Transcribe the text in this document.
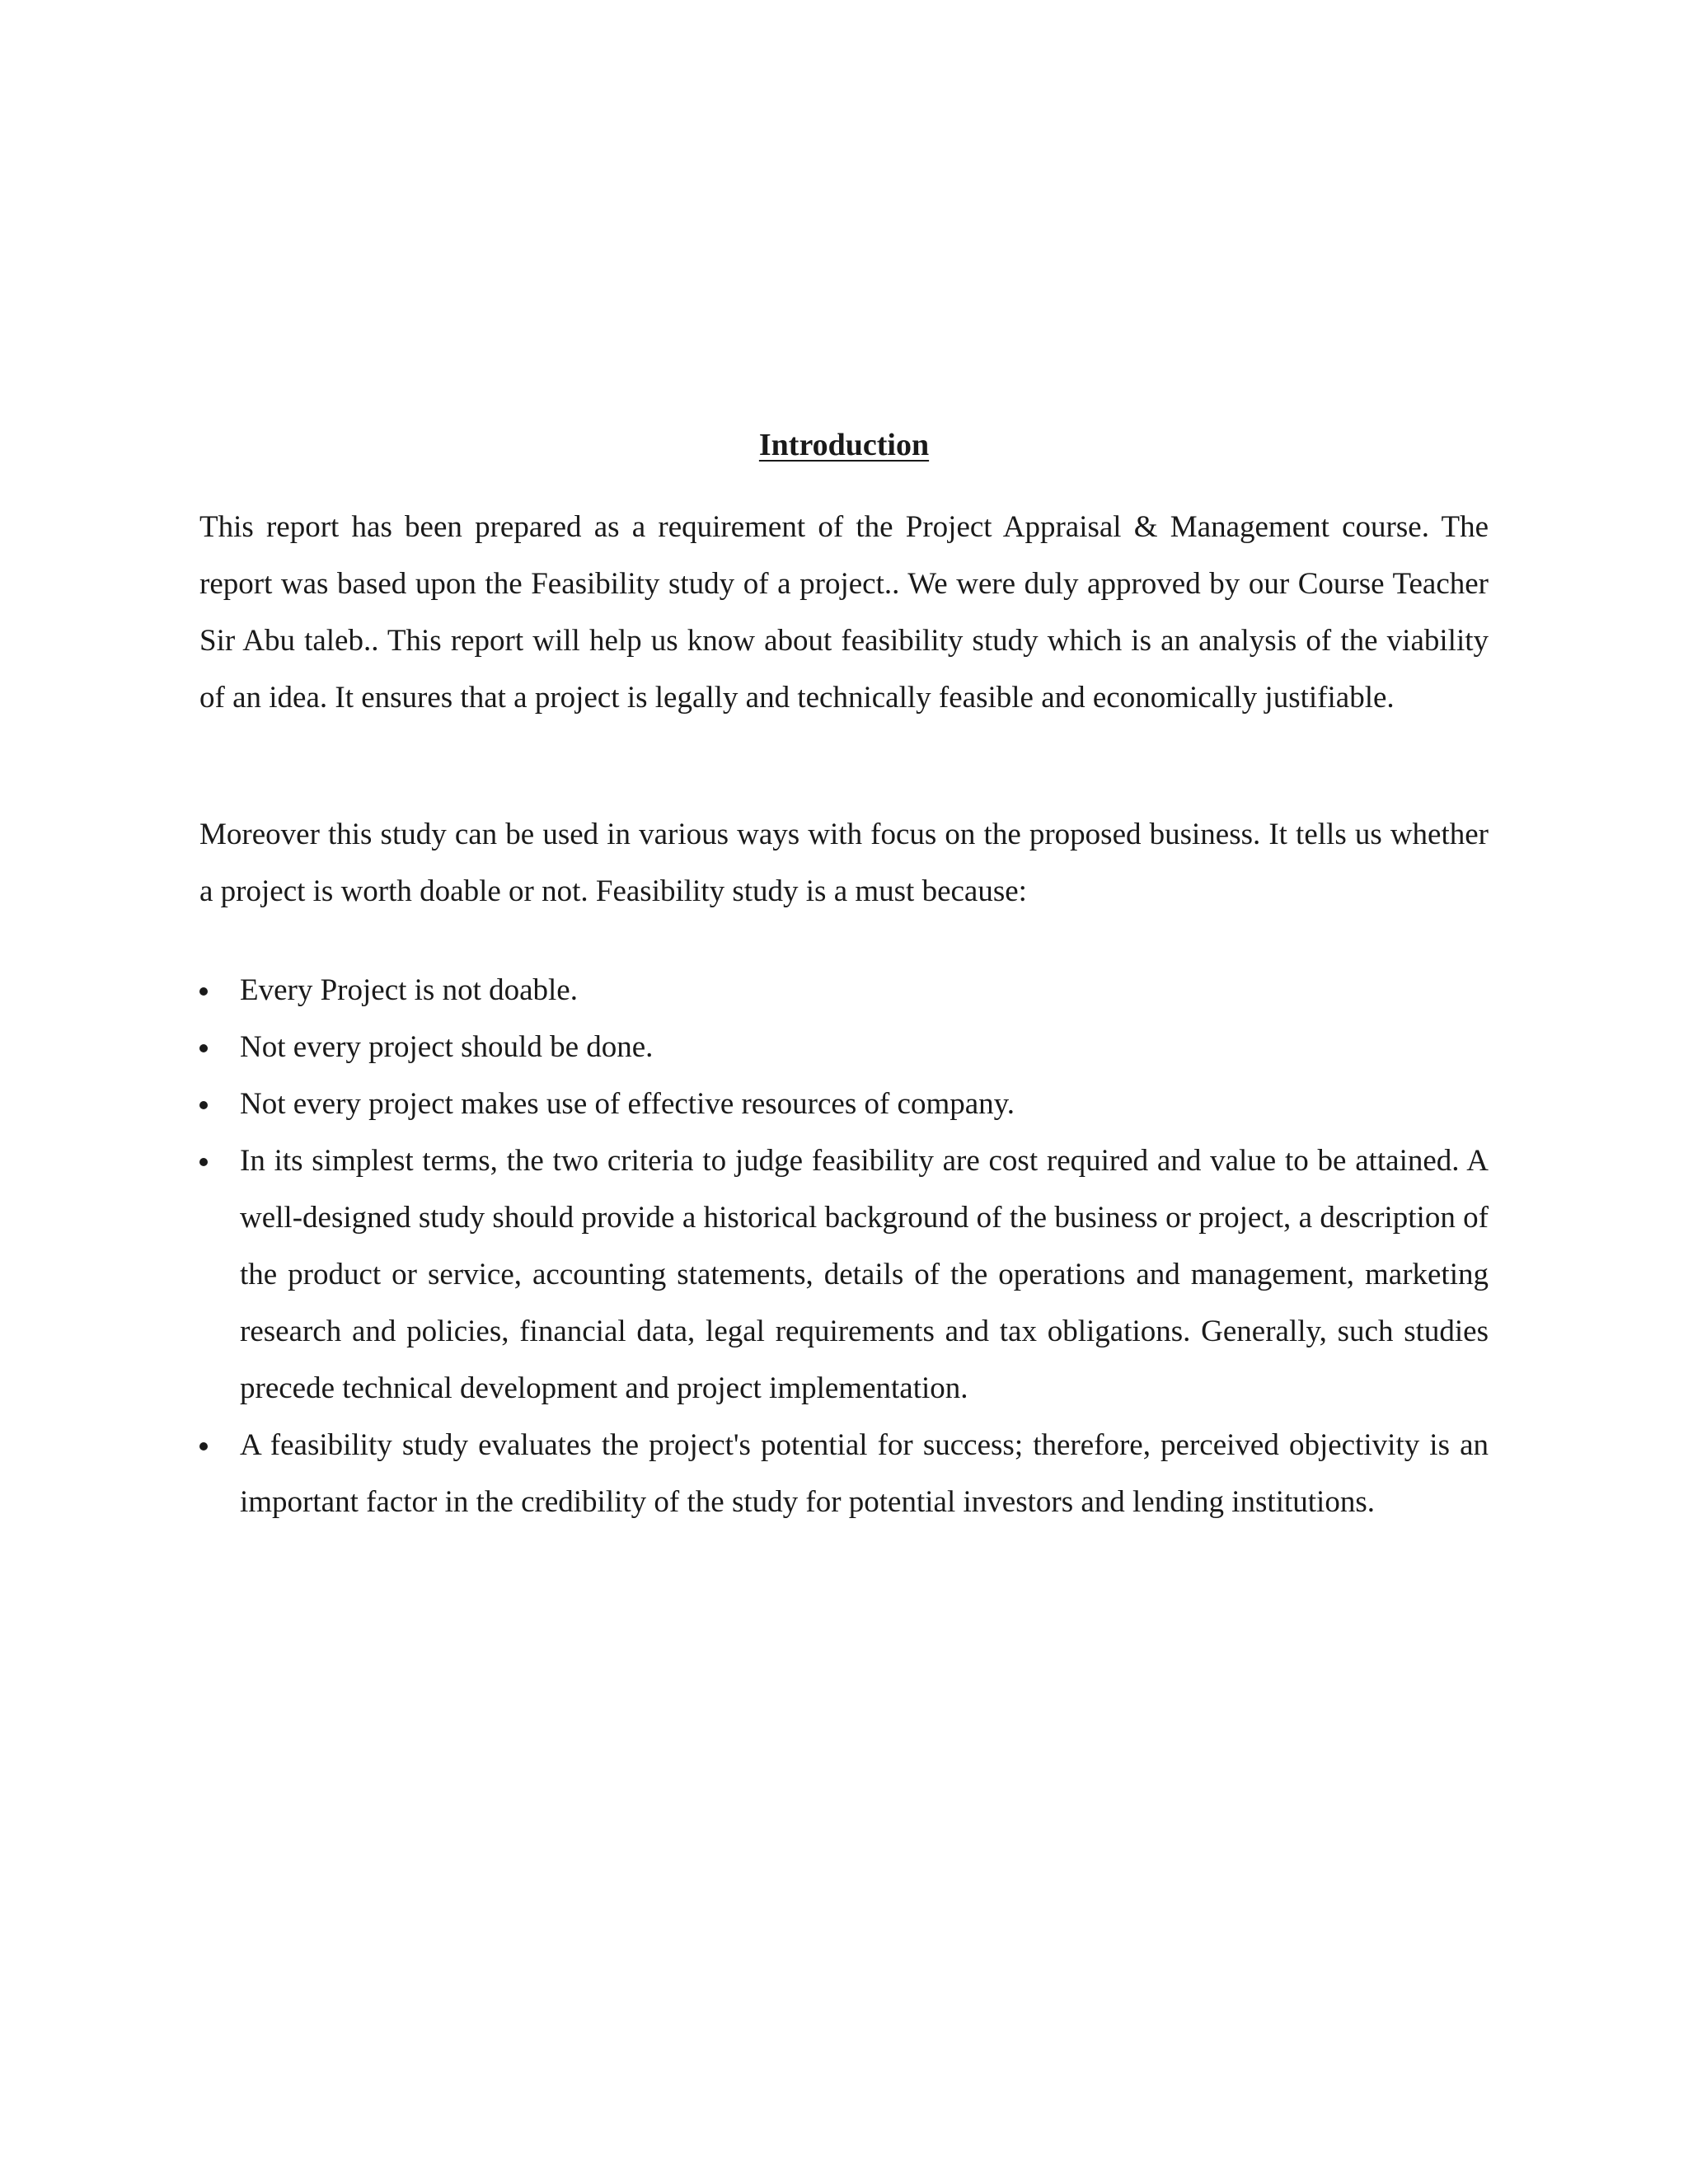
Introduction

This report has been prepared as a requirement of the Project Appraisal & Management course. The report was based upon the Feasibility study of a project.. We were duly approved by our Course Teacher Sir Abu taleb.. This report will help us know about feasibility study which is an analysis of the viability of an idea. It ensures that a project is legally and technically feasible and economically justifiable.

Moreover this study can be used in various ways with focus on the proposed business. It tells us whether a project is worth doable or not. Feasibility study is a must because:

Every Project is not doable.
Not every project should be done.
Not every project makes use of effective resources of company.
In its simplest terms, the two criteria to judge feasibility are cost required and value to be attained. A well-designed study should provide a historical background of the business or project, a description of the product or service, accounting statements, details of the operations and management, marketing research and policies, financial data, legal requirements and tax obligations. Generally, such studies precede technical development and project implementation.
A feasibility study evaluates the project's potential for success; therefore, perceived objectivity is an important factor in the credibility of the study for potential investors and lending institutions.
